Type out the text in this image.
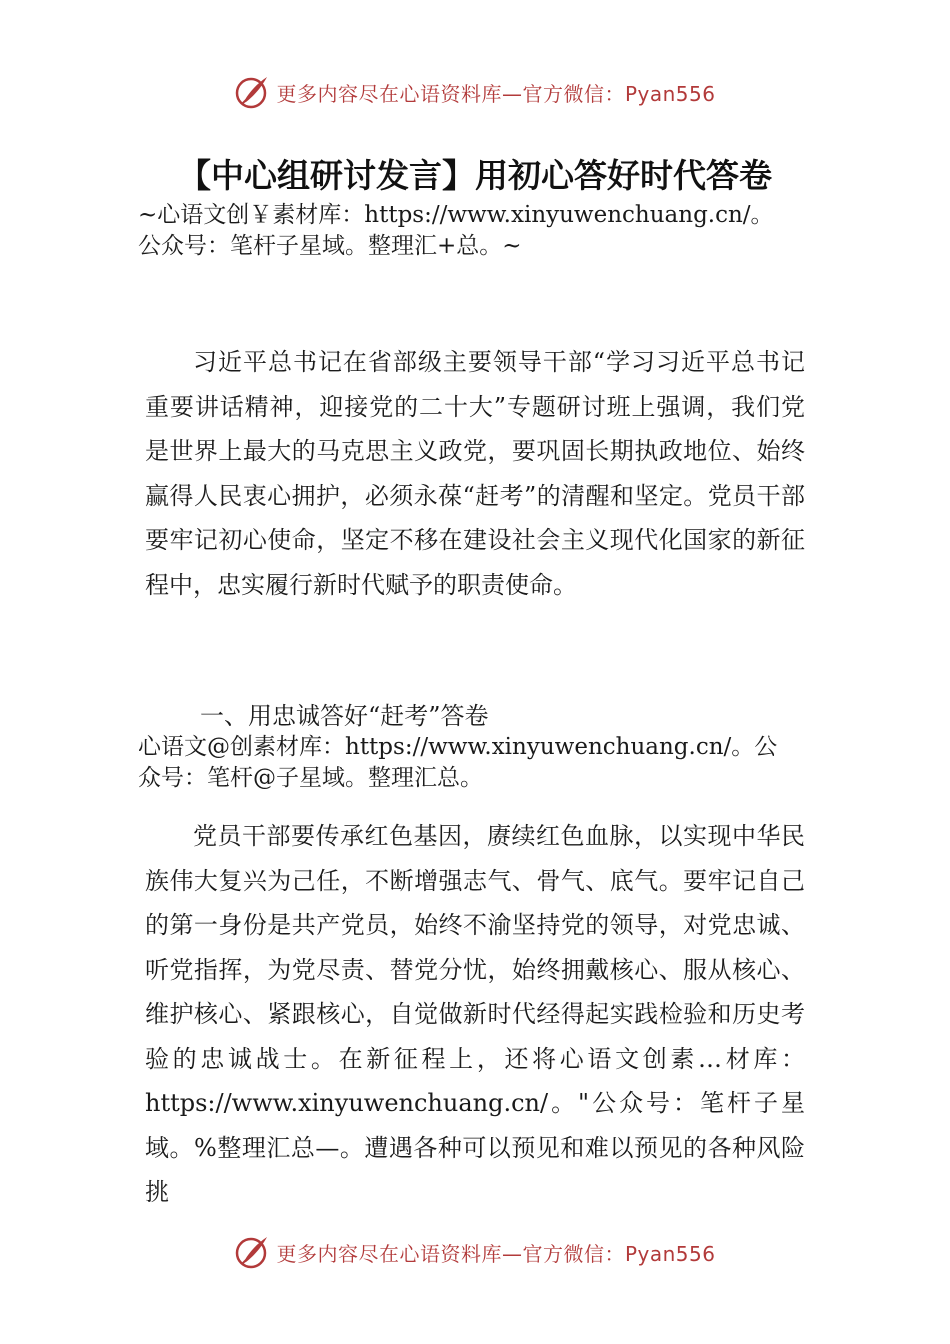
更多内容尽在心语资料库—官方微信：Pyan556
【中心组研讨发言】用初心答好时代答卷
~心语文创￥素材库：https://www.xinyuwenchuang.cn/。
公众号：笔杆子星域。整理汇+总。~
习近平总书记在省部级主要领导干部“学习习近平总书记重要讲话精神，迎接党的二十大”专题研讨班上强调，我们党是世界上最大的马克思主义政党，要巩固长期执政地位、始终赢得人民衷心拥护，必须永葆“赶考”的清醒和坚定。党员干部要牢记初心使命，坚定不移在建设社会主义现代化国家的新征程中，忠实履行新时代赋予的职责使命。
一、用忠诚答好“赶考”答卷
心语文@创素材库：https://www.xinyuwenchuang.cn/。公
众号：笔杆@子星域。整理汇总。
党员干部要传承红色基因，赓续红色血脉，以实现中华民族伟大复兴为己任，不断增强志气、骨气、底气。要牢记自己的第一身份是共产党员，始终不渝坚持党的领导，对党忠诚、听党指挥，为党尽责、替党分忧，始终拥戴核心、服从核心、维护核心、紧跟核心，自觉做新时代经得起实践检验和历史考验的忠诚战士。在新征程上，还将心语文创素…材库：https://www.xinyuwenchuang.cn/。"公众号：笔杆子星域。%整理汇总—。遭遇各种可以预见和难以预见的各种风险挑
更多内容尽在心语资料库—官方微信：Pyan556
